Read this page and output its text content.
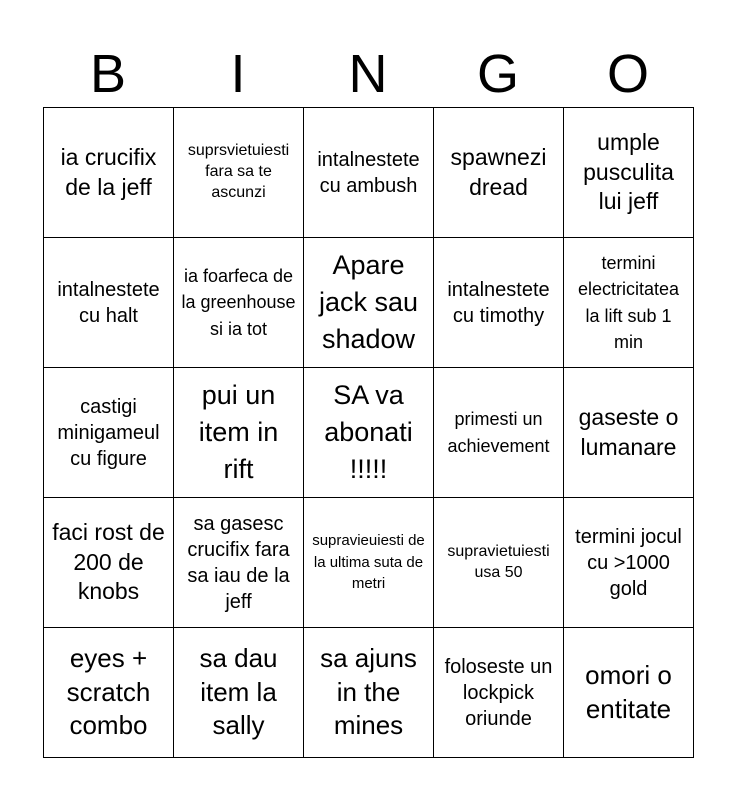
B	I	N	G	O
ia crucifix de la jeff
suprsvietuiesti fara sa te ascunzi
intalnestete cu ambush
spawnezi dread
umple pusculita lui jeff
intalnestete cu halt
ia foarfeca de la greenhouse si ia tot
Apare jack sau shadow
intalnestete cu timothy
termini electricitatea la lift sub 1 min
castigi minigameul cu figure
pui un item in rift
SA va abonati !!!!!
primesti un achievement
gaseste o lumanare
faci rost de 200 de knobs
sa gasesc crucifix fara sa iau de la jeff
supravieuiesti de la ultima suta de metri
supravietuiesti usa 50
termini jocul cu >1000 gold
eyes + scratch combo
sa dau item la sally
sa ajuns in the mines
foloseste un lockpick oriunde
omori o entitate
